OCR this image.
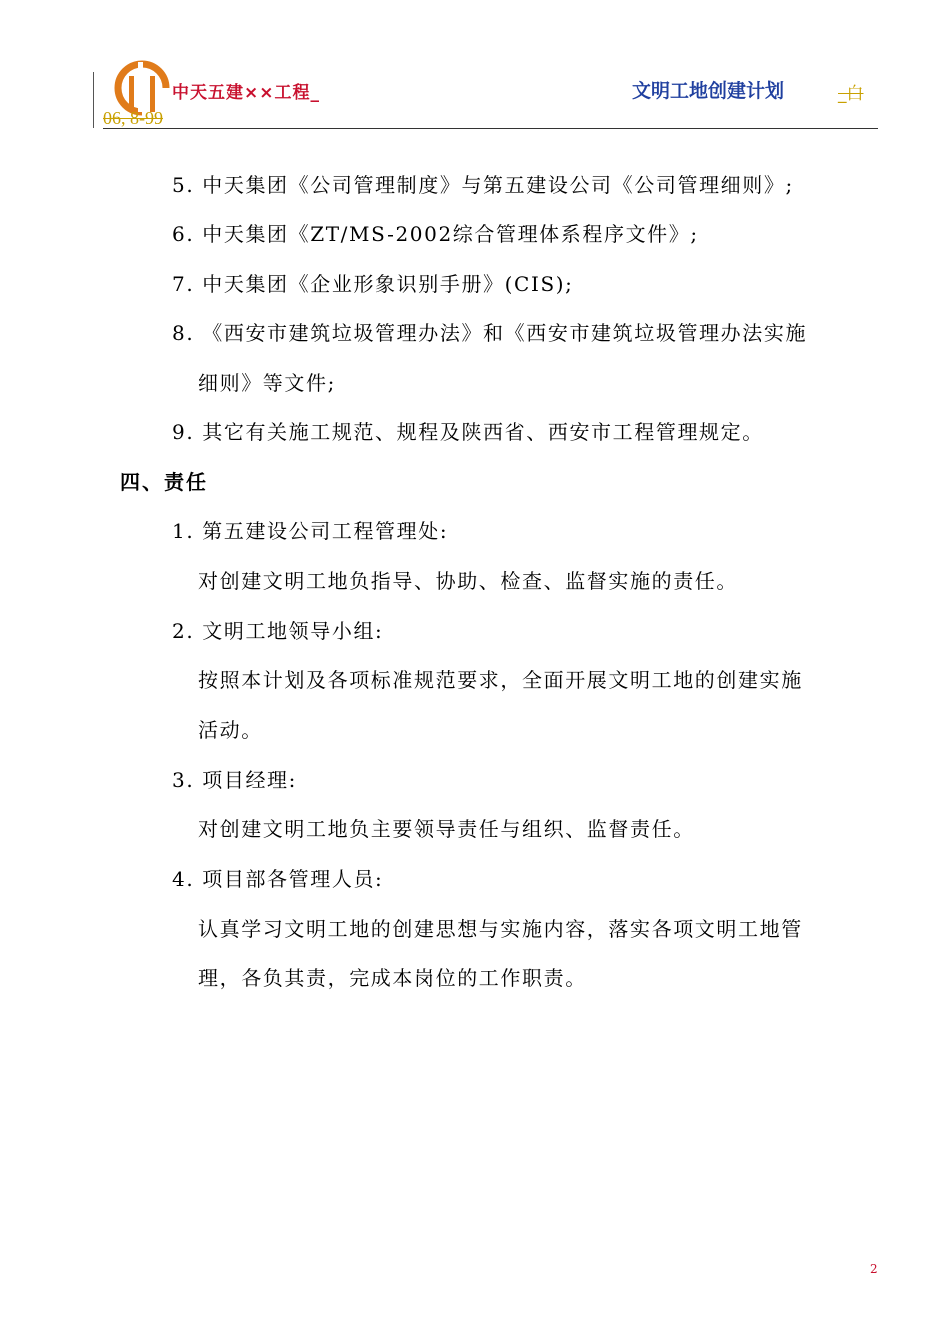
中天五建××工程_
06, 8-99
文明工地创建计划	_白
5. 中天集团《公司管理制度》与第五建设公司《公司管理细则》;
6. 中天集团《ZT/MS-2002综合管理体系程序文件》;
7. 中天集团《企业形象识别手册》(CIS);
8. 《西安市建筑垃圾管理办法》和《西安市建筑垃圾管理办法实施
细则》等文件;
9. 其它有关施工规范、规程及陕西省、西安市工程管理规定。
四、责任
1. 第五建设公司工程管理处:
对创建文明工地负指导、协助、检查、监督实施的责任。
2. 文明工地领导小组:
按照本计划及各项标准规范要求，全面开展文明工地的创建实施
活动。
3. 项目经理:
对创建文明工地负主要领导责任与组织、监督责任。
4. 项目部各管理人员:
认真学习文明工地的创建思想与实施内容，落实各项文明工地管
理，各负其责，完成本岗位的工作职责。
2
